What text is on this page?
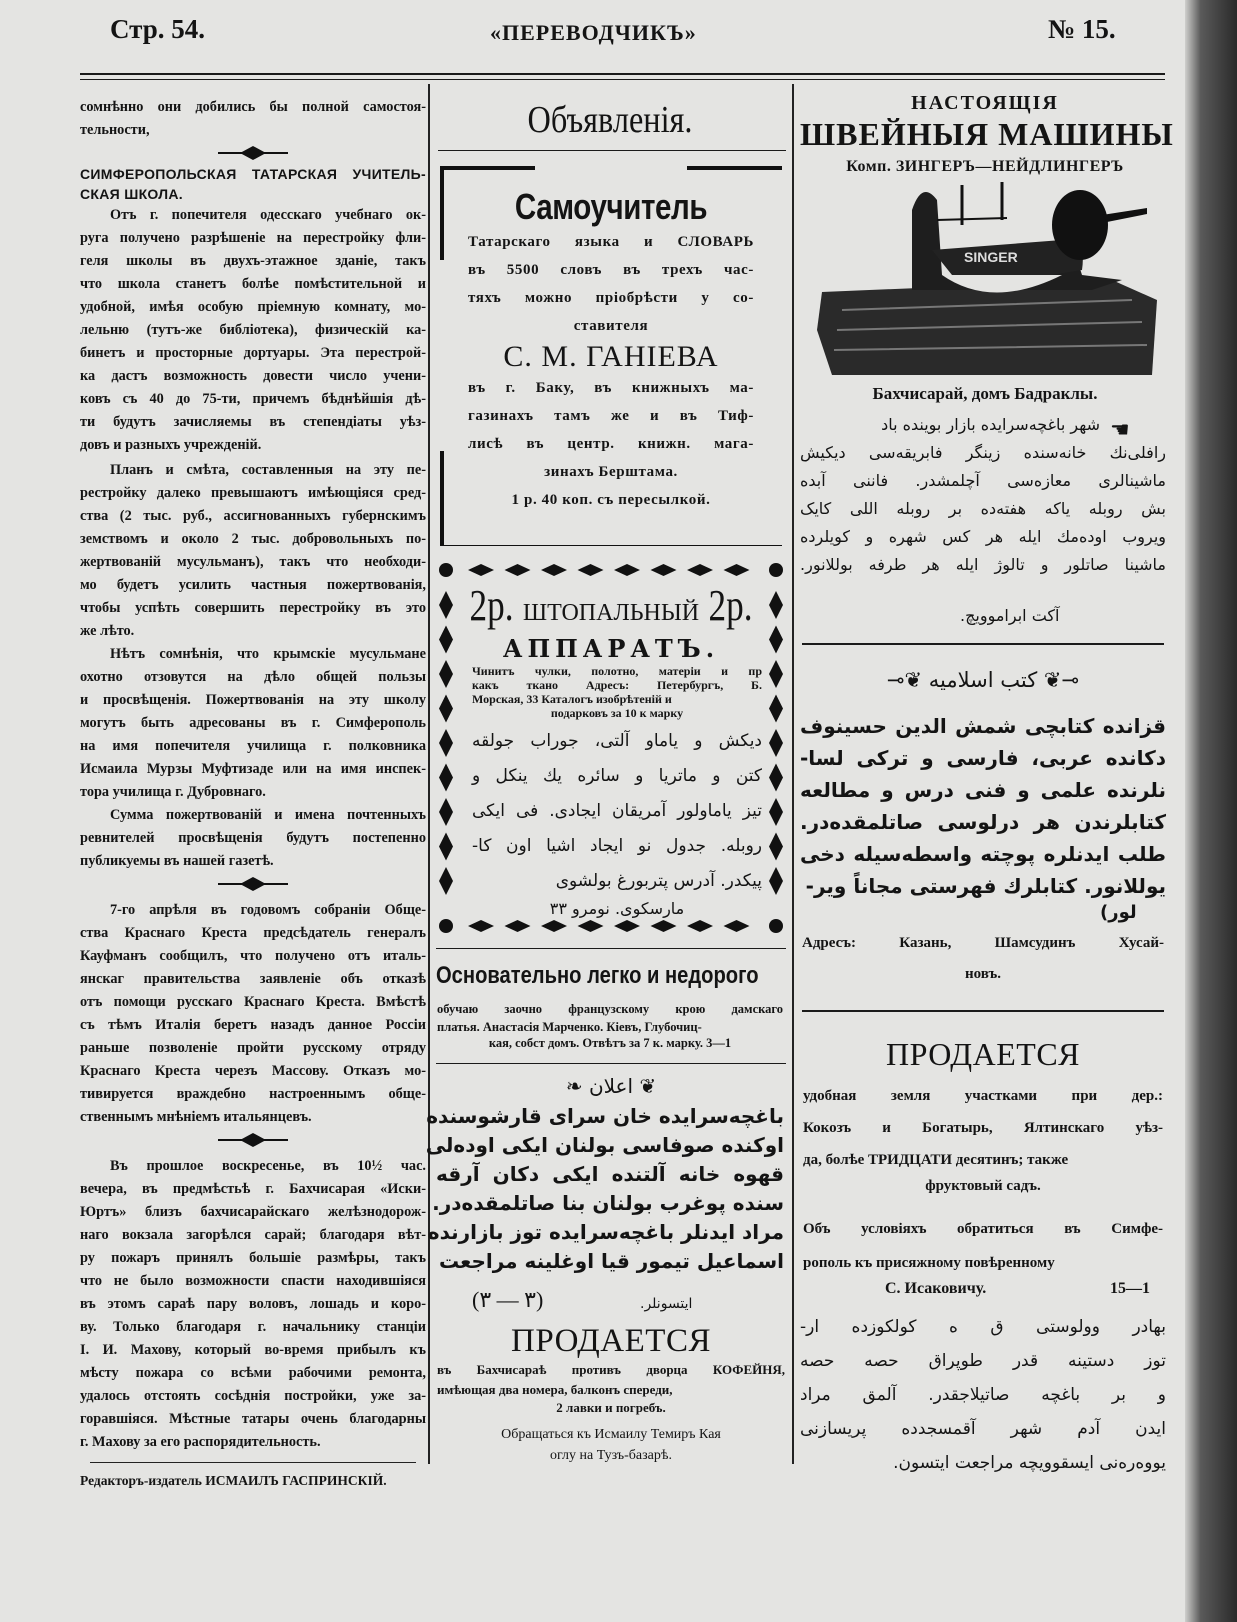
Стр. 54.	«ПЕРЕВОДЧИКЪ»	№ 15.
сомнѣнно они добились бы полной самостоя-
тельности,
СИМФЕРОПОЛЬСКАЯ ТАТАРСКАЯ УЧИТЕЛЬ-
СКАЯ ШКОЛА.
Отъ г. попечителя одесскаго учебнаго ок-
руга получено разрѣшеніе на перестройку фли-
геля школы въ двухъ-этажное зданіе, такъ
что школа станетъ болѣе помѣстительной и
удобной, имѣя особую пріемную комнату, мо-
лельню (тутъ-же библіотека), физическій ка-
бинетъ и просторные дортуары. Эта перестрой-
ка дастъ возможность довести число учени-
ковъ съ 40 до 75-ти, причемъ бѣднѣйшія дѣ-
ти будутъ зачисляемы въ степендіаты уѣз-
довъ и разныхъ учрежденій.
Планъ и смѣта, составленныя на эту пе-
рестройку далеко превышаютъ имѣющіяся сред-
ства (2 тыс. руб., ассигнованныхъ губернскимъ
земствомъ и около 2 тыс. добровольныхъ по-
жертвованій мусульманъ), такъ что необходи-
мо будетъ усилить частныя пожертвованія,
чтобы успѣть совершить перестройку въ это
же лѣто.
Нѣтъ сомнѣнія, что крымскіе мусульмане
охотно отзовутся на дѣло общей пользы
и просвѣщенія. Пожертвованія на эту школу
могутъ быть адресованы въ г. Симферополь
на имя попечителя училища г. полковника
Исмаила Мурзы Муфтизаде или на имя инспек-
тора училища г. Дубровнаго.
Сумма пожертвованій и имена почтенныхъ
ревнителей просвѣщенія будутъ постепенно
публикуемы въ нашей газетѣ.
7-го апрѣля въ годовомъ собраніи Обще-
ства Краснаго Креста предсѣдатель генералъ
Кауфманъ сообщилъ, что получено отъ италь-
янскаг правительства заявленіе объ отказѣ
отъ помощи русскаго Краснаго Креста. Вмѣстѣ
съ тѣмъ Италія беретъ назадъ данное Россіи
раньше позволеніе пройти русскому отряду
Краснаго Креста черезъ Массову. Отказъ мо-
тивируется враждебно настроеннымъ обще-
ственнымъ мнѣніемъ итальянцевъ.
Въ прошлое воскресенье, въ 10½ час.
вечера, въ предмѣстьѣ г. Бахчисарая «Иски-
Юртъ» близъ бахчисарайскаго желѣзнодорож-
наго вокзала загорѣлся сарай; благодаря вѣт-
ру пожаръ принялъ большіе размѣры, такъ
что не было возможности спасти находившіяся
въ этомъ сараѣ пару воловъ, лошадь и коро-
ву. Только благодаря г. начальнику станціи
I. И. Махову, который во-время прибылъ къ
мѣсту пожара со всѣми рабочими ремонта,
удалось отстоять сосѣднія постройки, уже за-
горавшіяся. Мѣстные татары очень благодарны
г. Махову за его распорядительность.
Редакторъ-издатель ИСМАИЛЪ ГАСПРИНСКІЙ.
Объявленія.
Самоучитель
Татарскаго языка и СЛОВАРЬ
въ 5500 словъ въ трехъ час-
тяхъ можно пріобрѣсти у со-
ставителя
С. М. ГАНІЕВА
въ г. Баку, въ книжныхъ ма-
газинахъ тамъ же и въ Тиф-
лисѣ въ центр. книжн. мага-
зинахъ Берштама.
1 р. 40 коп. съ пересылкой.
2р. ШТОПАЛЬНЫЙ 2р.
АППАРАТЪ.
Чинитъ чулки, полотно, матеріи и пр
какъ ткано Адресъ: Петербургъ, Б.
Морская, 33 Каталогъ изобрѣтеній и
подарковъ за 10 к марку
دیکش و یاماو آلتی، جوراب جولقه
کتن و ماتریا و سائره یك ینکل و
تیز یاماولور آمریقان ایجادی. فی ایکی
روبله. جدول نو ایجاد اشیا اون کا-
پیکدر. آدرس پتربورغ بولشوی
مارسکوی. نومرو ۳۳
Основательно легко и недорого
обучаю заочно французскому крою дамскаго
платья. Анастасія Марченко. Кіевъ, Глубочиц-
кая, собст домъ. Отвѣтъ за 7 к. марку. 3—1
❦ اعلان ❧
باغچه‌سرایده خان سرای قارشوسنده
اوکنده صوفاسی بولنان ایکی اوده‌لی
قهوه خانه آلتنده ایکی دکان آرقه
سنده پوغرب بولنان بنا صاتلمقده‌در.
مراد ایدنلر باغچه‌سرایده توز بازارنده
اسماعیل تیمور قیا اوغلینه مراجعت
(۳ — ۳)	ایتسونلر.
ПРОДАЕТСЯ
въ Бахчисараѣ противъ дворца КОФЕЙНЯ,
имѣющая два номера, балконъ спереди,
2 лавки и погребъ.
Обращаться къ Исмаилу Темиръ Кая
оглу на Тузъ-базарѣ.
НАСТОЯЩІЯ
ШВЕЙНЫЯ МАШИНЫ
Комп. ЗИНГЕРЪ—НЕЙДЛИНГЕРЪ
SINGER
Бахчисарай, домъ Бадраклы.
☛
شهر باغچه‌سرایده بازار بوینده باد
رافلی‌نك خانه‌سنده زینگر فابریقه‌سی دیکیش
ماشینالری معازه‌سی آچلمشدر. فاننی آبده
بش روبله یاکه هفته‌ده بر روبله اللی کایک
ویروب اوده‌مك ایله هر کس شهره و کویلرده
ماشینا صاتلور و تالوژ ایله هر طرفه بوللانور.
آکت ابراموویچ.
⊸❦ کتب اسلامیه ❦⊸
قزانده کتابچی شمش الدین حسینوف
دکانده عربی، فارسی و ترکی لسا-
نلرنده علمی و فنی درس و مطالعه
کتابلرندن هر درلوسی صاتلمقده‌در.
طلب ایدنلره پوچته واسطه‌سیله دخی
یوللانور. کتابلرك فهرستی مجاناً ویر-
لور)
Адресъ: Казань, Шамсудинъ Хусай-
новъ.
ПРОДАЕТСЯ
удобная земля участками при дер.:
Кокозъ и Богатырь, Ялтинскаго уѣз-
да, болѣе ТРИДЦАТИ десятинъ; также
фруктовый садъ.
Объ условіяхъ обратиться въ Симфе-
рополь къ присяжному повѣренному
С. Исаковичу.	15—1
بهادر وولوستی ق ه کولکوزده ار-
توز دستینه قدر طوپراق حصه حصه
و بر باغچه صاتیلاجقدر. آلمق مراد
ایدن آدم شهر آقمسجدده پریسازنی
یووه‌ره‌نی ایسقوویچه مراجعت ایتسون.
